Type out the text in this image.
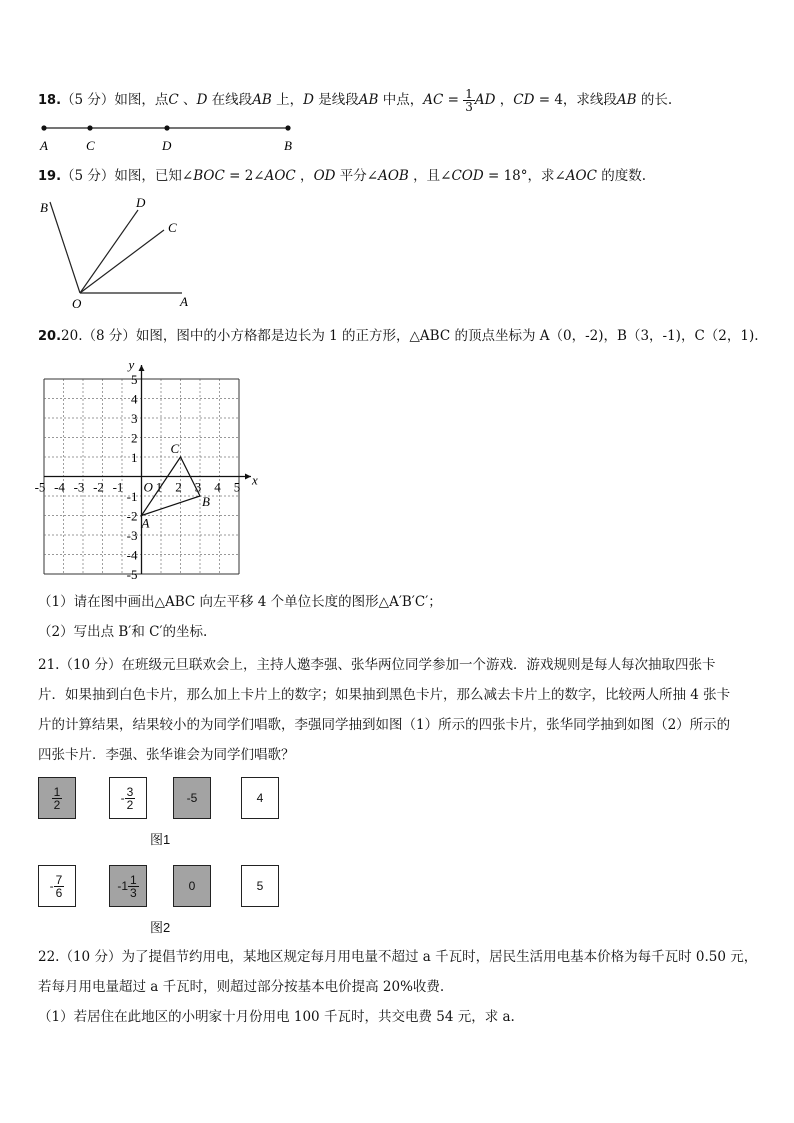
18.（5 分）如图，点C 、D 在线段AB 上，D 是线段AB 中点，AC = $\frac{1}{3}$ AD ，CD = 4，求线段AB 的长.
A	C	D	B
19.（5 分）如图，已知∠BOC = 2∠AOC ，OD 平分∠AOB ，且∠COD = 18°，求∠AOC 的度数.
B	D
C
O	A
20.20.（8 分）如图，图中的小方格都是边长为 1 的正方形，△ABC 的顶点坐标为 A（0，-2)，B（3，-1)，C（2，1).
x
y
-5 -4 -3 -2 -1 1 2 3 4 5
5
4
3
2
1
-1
-2
-3
-4
-5
O
A
B
C
（1）请在图中画出△ABC 向左平移 4 个单位长度的图形△A′B′C′；
（2）写出点 B′和 C′的坐标.
21.（10 分）在班级元旦联欢会上，主持人邀李强、张华两位同学参加一个游戏．游戏规则是每人每次抽取四张卡
片．如果抽到白色卡片，那么加上卡片上的数字；如果抽到黑色卡片，那么减去卡片上的数字，比较两人所抽 4 张卡
片的计算结果，结果较小的为同学们唱歌，李强同学抽到如图（1）所示的四张卡片，张华同学抽到如图（2）所示的
四张卡片．李强、张华谁会为同学们唱歌？
$\frac{1}{2}$	- $\frac{3}{2}$	-5	4
图1
- $\frac{7}{6}$	- $1 \frac{1}{3}$	0	5
图2
22.（10 分）为了提倡节约用电，某地区规定每月用电量不超过 a 千瓦时，居民生活用电基本价格为每千瓦时 0.50 元，
若每月用电量超过 a 千瓦时，则超过部分按基本电价提高 20%收费.
（1）若居住在此地区的小明家十月份用电 100 千瓦时，共交电费 54 元，求 a.
